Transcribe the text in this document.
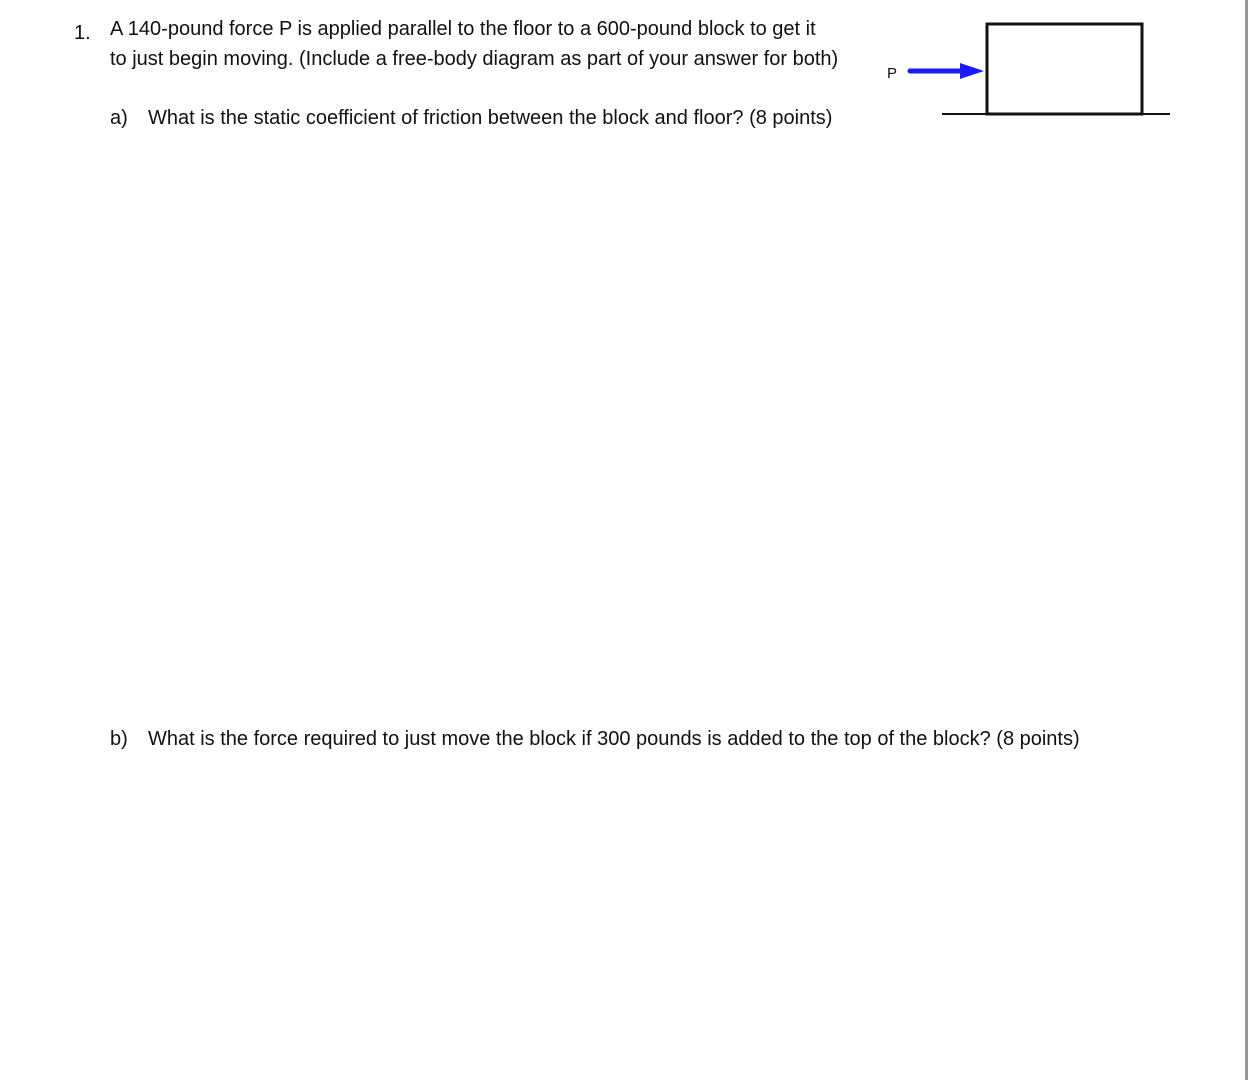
1. A 140-pound force P is applied parallel to the floor to a 600-pound block to get it
to just begin moving. (Include a free-body diagram as part of your answer for both)
a) What is the static coefficient of friction between the block and floor? (8 points)
b) What is the force required to just move the block if 300 pounds is added to the top of the block? (8 points)
P
